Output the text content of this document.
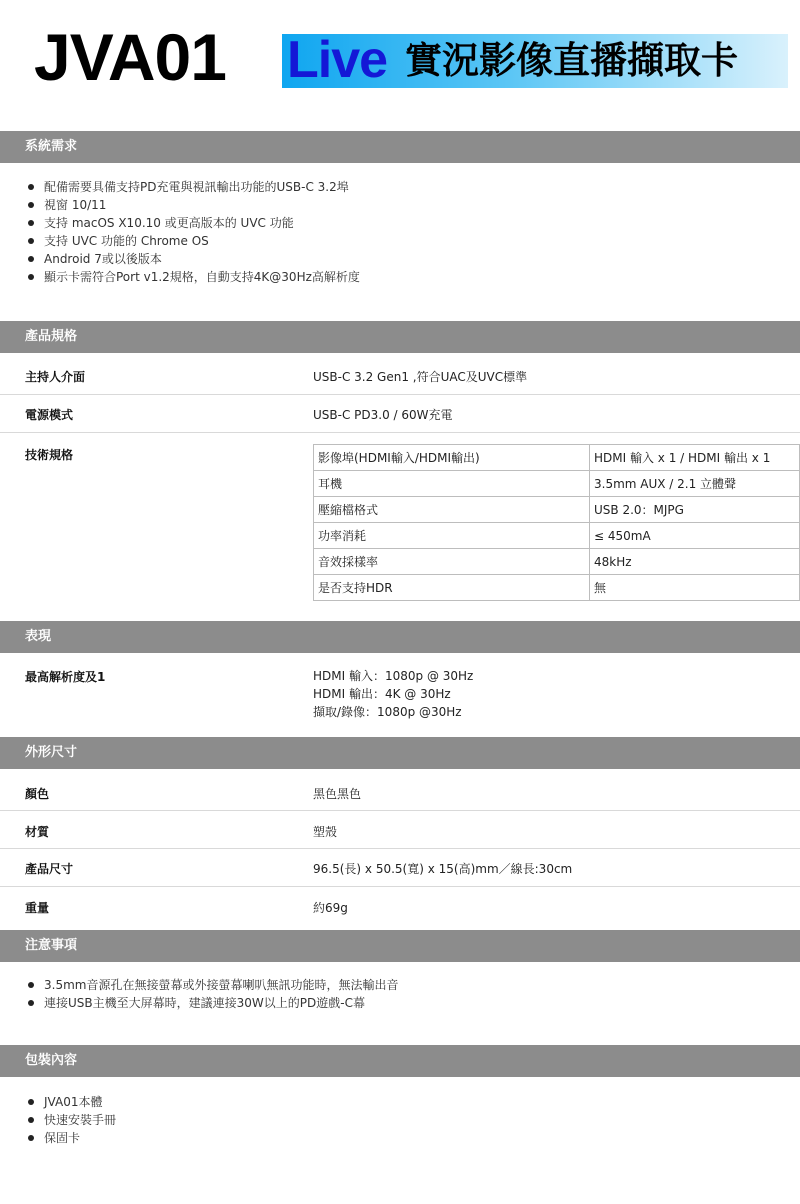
JVA01 Live 實況影像直播擷取卡
系統需求
配備需要具備支持PD充電與視訊輸出功能的USB-C 3.2埠
視窗 10/11
支持 macOS X10.10 或更高版本的 UVC 功能
支持 UVC 功能的 Chrome OS
Android 7或以後版本
顯示卡需符合Port v1.2規格，自動支持4K@30Hz高解析度
產品規格
主持人介面	USB-C 3.2 Gen1 ,符合UAC及UVC標準
電源模式	USB-C PD3.0 / 60W充電
技術規格	影像埠(HDMI輸入/HDMI輸出)	HDMI 輸入 x 1 / HDMI 輸出 x 1
耳機	3.5mm AUX / 2.1 立體聲
壓縮檔格式	USB 2.0：MJPG
功率消耗	≤ 450mA
音效採樣率	48kHz
是否支持HDR	無
表現
最高解析度及1	HDMI 輸入：1080p @ 30Hz
HDMI 輸出：4K @ 30Hz
擷取/錄像：1080p @30Hz
外形尺寸
顏色	黑色黑色
材質	塑殼
產品尺寸	96.5(長) x 50.5(寬) x 15(高)mm／線長:30cm
重量	約69g
注意事項
3.5mm音源孔在無接螢幕或外接螢幕喇叭無訊功能時，無法輸出音
連接USB主機至大屏幕時，建議連接30W以上的PD遊戲-C幕
包裝內容
JVA01本體
快速安裝手冊
保固卡
